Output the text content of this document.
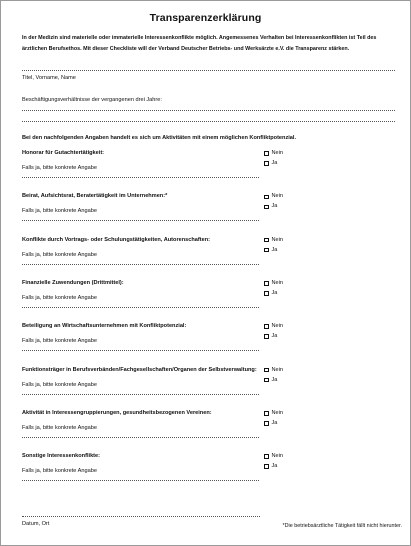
Transparenzerklärung
In der Medizin sind materielle oder immaterielle Interessenkonflikte möglich. Angemessenes Verhalten bei Interessenkonflikten ist Teil des ärztlichen Berufsethos. Mit dieser Checkliste will der Verband Deutscher Betriebs- und Werksärzte e.V. die Transparenz stärken.
Titel, Vorname, Name
Beschäftigungsverhältnisse der vergangenen drei Jahre:
Bei den nachfolgenden Angaben handelt es sich um Aktivitäten mit einem möglichen Konfliktpotenzial.
Honorar für Gutachtertätigkeit:
Falls ja, bitte konkrete Angabe
Nein
Ja
Beirat, Aufsichtsrat, Beratertätigkeit im Unternehmen:*
Falls ja, bitte konkrete Angabe
Nein
Ja
Konflikte durch Vortrags- oder Schulungstätigkeiten, Autorenschaften:
Falls ja, bitte konkrete Angabe
Nein
Ja
Finanzielle Zuwendungen (Drittmittel):
Falls ja, bitte konkrete Angabe
Nein
Ja
Beteiligung an Wirtschaftsunternehmen mit Konfliktpotenzial:
Falls ja, bitte konkrete Angabe
Nein
Ja
Funktionsträger in Berufsverbänden/Fachgesellschaften/Organen der Selbstverwaltung:
Falls ja, bitte konkrete Angabe
Nein
Ja
Aktivität in Interessengruppierungen, gesundheitsbezogenen Vereinen:
Falls ja, bitte konkrete Angabe
Nein
Ja
Sonstige Interessenkonflikte:
Falls ja, bitte konkrete Angabe
Nein
Ja
Datum, Ort	*Die betriebsärztliche Tätigkeit fällt nicht hierunter.
